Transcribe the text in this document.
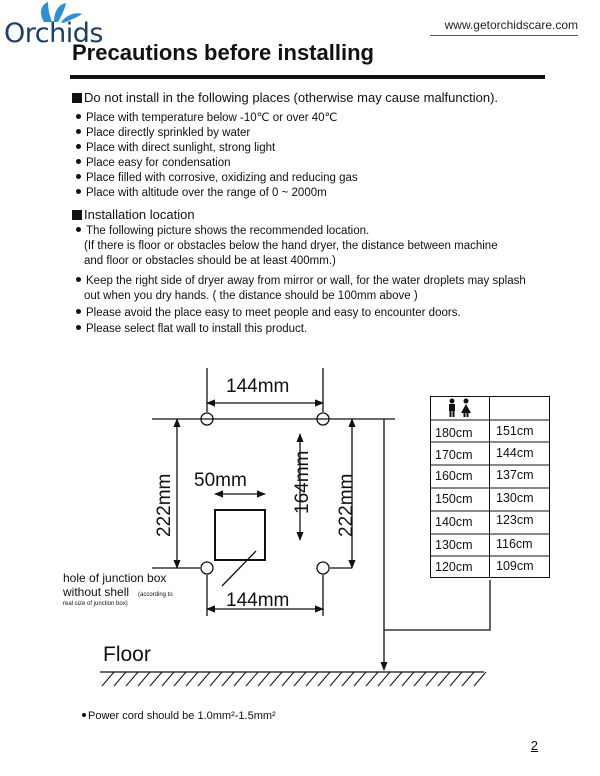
Orchids	www.getorchidscare.com
Precautions before installing
Do not install in the following places (otherwise may cause malfunction).
Place with temperature below -10℃ or over 40℃
Place directly sprinkled by water
Place with direct sunlight, strong light
Place easy for condensation
Place filled with corrosive, oxidizing and reducing gas
Place with altitude over the range of 0 ~ 2000m
Installation location
The following picture shows the recommended location.
(If there is floor or obstacles below the hand dryer, the distance between machine
and floor or obstacles should be at least 400mm.)
Keep the right side of dryer away from mirror or wall, for the water droplets may splash
out when you dry hands. ( the distance should be 100mm above )
Please avoid the place easy to meet people and easy to encounter doors.
Please select flat wall to install this product.
144mm
144mm
50mm
222mm	164mm 222mm
hole of junction box
without shell (according to
real size of junction box)
Floor
180cm 151cm
170cm 144cm
160cm 137cm
150cm 130cm
140cm 123cm
130cm 116cm
120cm 109cm
Power cord should be 1.0mm²-1.5mm²
2
